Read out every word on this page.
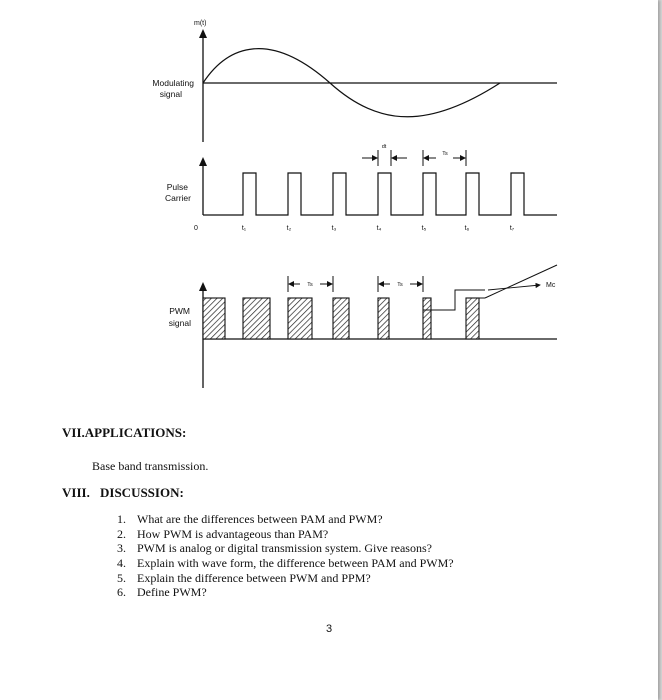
m(t)
Modulating
signal
Pulse
Carrier
0	t₁	t₂	t₃	t₄	t₅	t₆	t₇
dt
Ts
PWM
signal
Mc
Ts	Ts
VII.APPLICATIONS:
Base band transmission.
VIII. DISCUSSION:
1. What are the differences between PAM and PWM?
2. How PWM is advantageous than PAM?
3. PWM is analog or digital transmission system. Give reasons?
4. Explain with wave form, the difference between PAM and PWM?
5. Explain the difference between PWM and PPM?
6. Define PWM?
3
